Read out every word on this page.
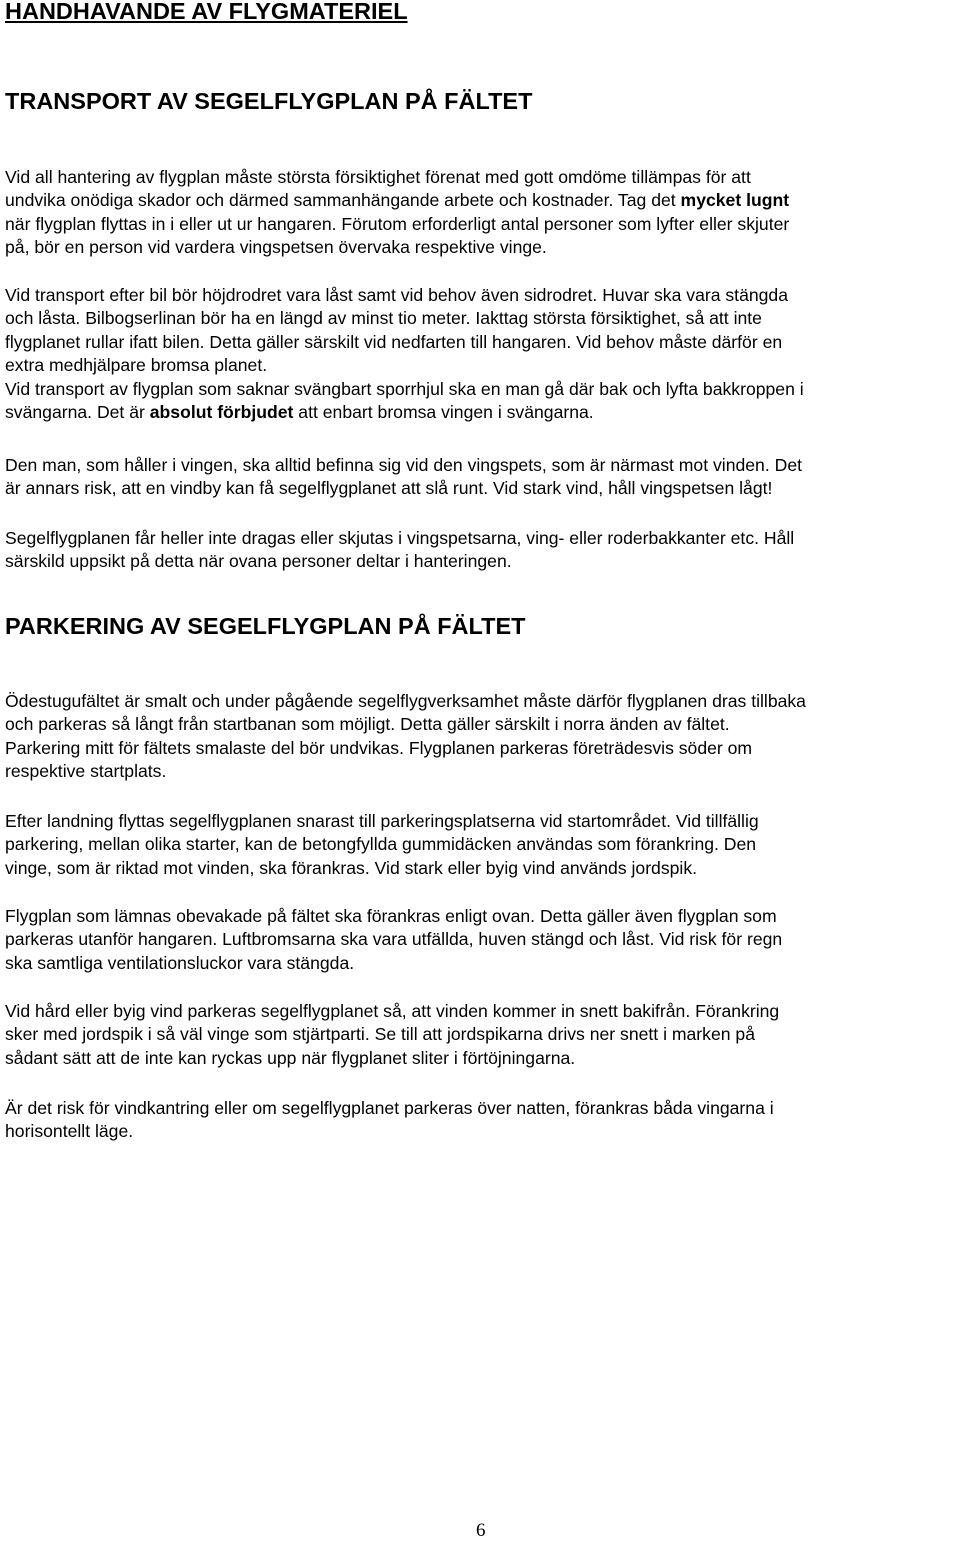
HANDHAVANDE AV FLYGMATERIEL
TRANSPORT AV SEGELFLYGPLAN PÅ FÄLTET

Vid all hantering av flygplan måste största försiktighet förenat med gott omdöme tillämpas för att
undvika onödiga skador och därmed sammanhängande arbete och kostnader. Tag det mycket lugnt
när flygplan flyttas in i eller ut ur hangaren. Förutom erforderligt antal personer som lyfter eller skjuter
på, bör en person vid vardera vingspetsen övervaka respektive vinge.

Vid transport efter bil bör höjdrodret vara låst samt vid behov även sidrodret. Huvar ska vara stängda
och låsta. Bilbogserlinan bör ha en längd av minst tio meter. Iakttag största försiktighet, så att inte
flygplanet rullar ifatt bilen. Detta gäller särskilt vid nedfarten till hangaren. Vid behov måste därför en
extra medhjälpare bromsa planet.
Vid transport av flygplan som saknar svängbart sporrhjul ska en man gå där bak och lyfta bakkroppen i
svängarna. Det är absolut förbjudet att enbart bromsa vingen i svängarna.

Den man, som håller i vingen, ska alltid befinna sig vid den vingspets, som är närmast mot vinden. Det
är annars risk, att en vindby kan få segelflygplanet att slå runt. Vid stark vind, håll vingspetsen lågt!

Segelflygplanen får heller inte dragas eller skjutas i vingspetsarna, ving- eller roderbakkanter etc. Håll
särskild uppsikt på detta när ovana personer deltar i hanteringen.

PARKERING AV SEGELFLYGPLAN PÅ FÄLTET

Ödestugufältet är smalt och under pågående segelflygverksamhet måste därför flygplanen dras tillbaka
och parkeras så långt från startbanan som möjligt. Detta gäller särskilt i norra änden av fältet.
Parkering mitt för fältets smalaste del bör undvikas. Flygplanen parkeras företrädesvis söder om
respektive startplats.

Efter landning flyttas segelflygplanen snarast till parkeringsplatserna vid startområdet. Vid tillfällig
parkering, mellan olika starter, kan de betongfyllda gummidäcken användas som förankring. Den
vinge, som är riktad mot vinden, ska förankras. Vid stark eller byig vind används jordspik.

Flygplan som lämnas obevakade på fältet ska förankras enligt ovan. Detta gäller även flygplan som
parkeras utanför hangaren. Luftbromsarna ska vara utfällda, huven stängd och låst. Vid risk för regn
ska samtliga ventilationsluckor vara stängda.

Vid hård eller byig vind parkeras segelflygplanet så, att vinden kommer in snett bakifrån. Förankring
sker med jordspik i så väl vinge som stjärtparti. Se till att jordspikarna drivs ner snett i marken på
sådant sätt att de inte kan ryckas upp när flygplanet sliter i förtöjningarna.

Är det risk för vindkantring eller om segelflygplanet parkeras över natten, förankras båda vingarna i
horisontellt läge.

6
